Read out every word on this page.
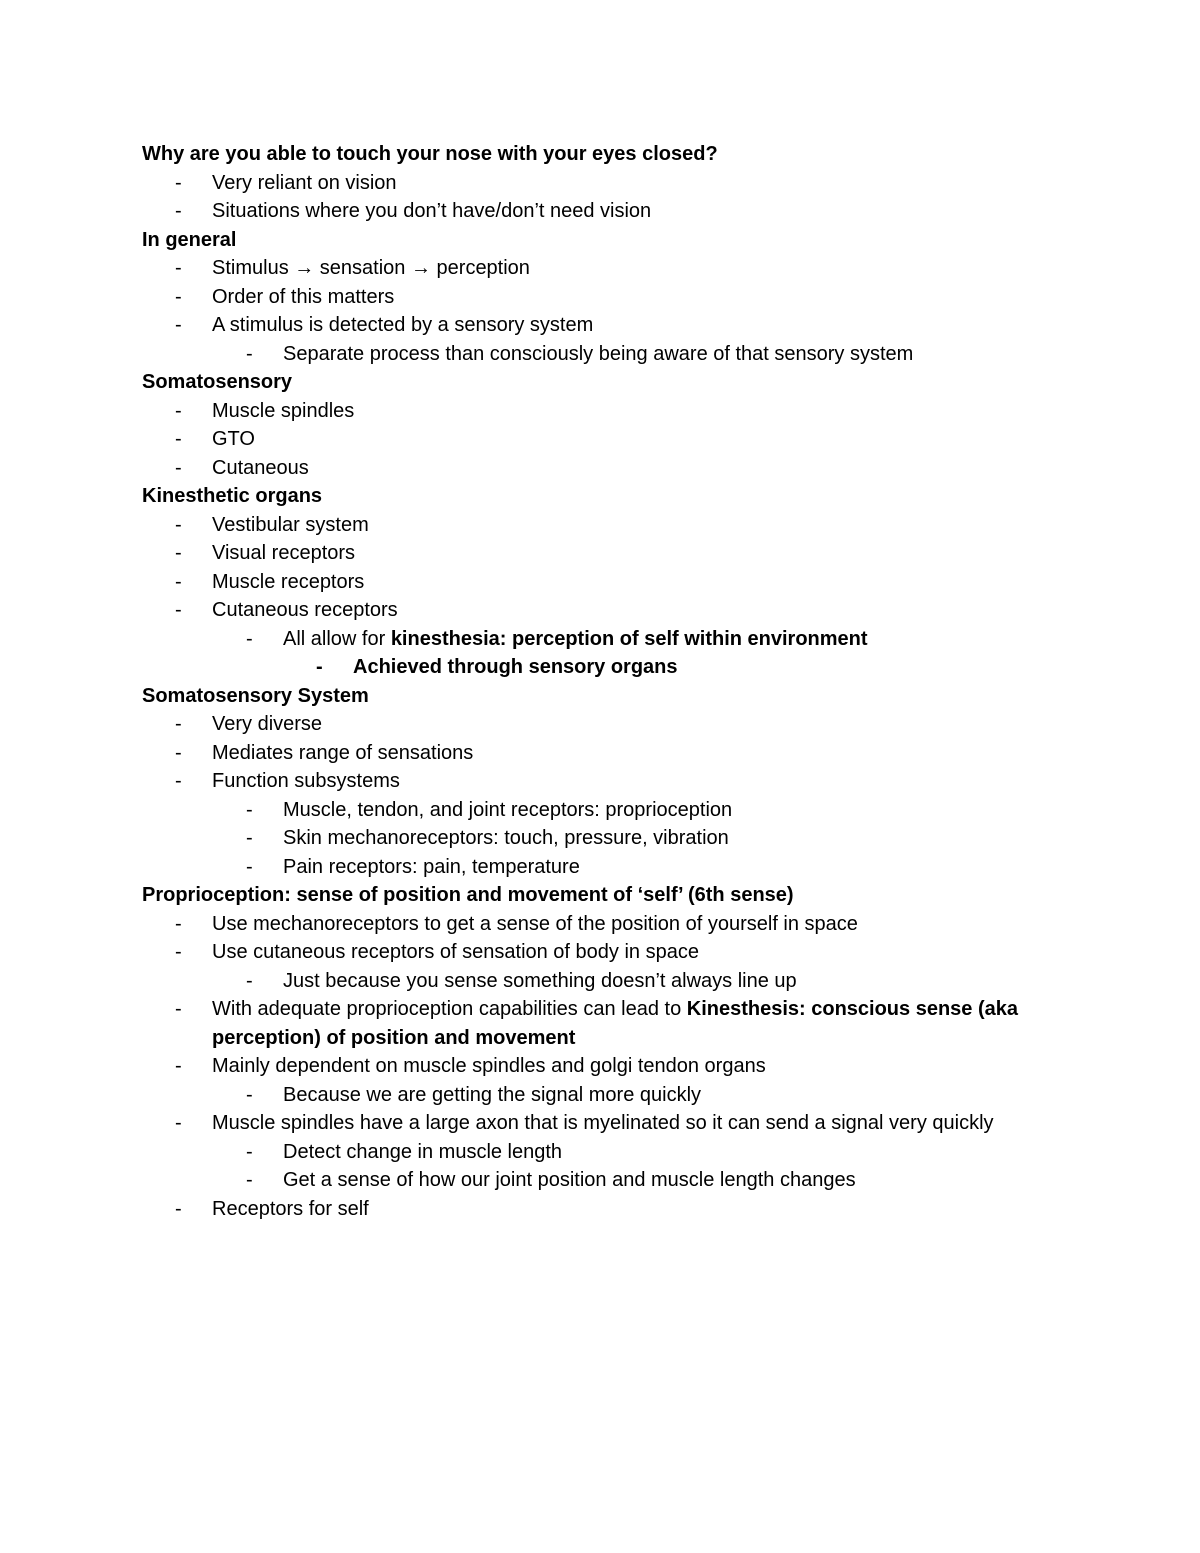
Why are you able to touch your nose with your eyes closed?
- Very reliant on vision
- Situations where you don’t have/don’t need vision
In general
- Stimulus → sensation → perception
- Order of this matters
- A stimulus is detected by a sensory system
- Separate process than consciously being aware of that sensory system
Somatosensory
- Muscle spindles
- GTO
- Cutaneous
Kinesthetic organs
- Vestibular system
- Visual receptors
- Muscle receptors
- Cutaneous receptors
- All allow for kinesthesia: perception of self within environment
- Achieved through sensory organs
Somatosensory System
- Very diverse
- Mediates range of sensations
- Function subsystems
- Muscle, tendon, and joint receptors: proprioception
- Skin mechanoreceptors: touch, pressure, vibration
- Pain receptors: pain, temperature
Proprioception: sense of position and movement of ‘self’ (6th sense)
- Use mechanoreceptors to get a sense of the position of yourself in space
- Use cutaneous receptors of sensation of body in space
- Just because you sense something doesn’t always line up
- With adequate proprioception capabilities can lead to Kinesthesis: conscious sense (aka perception) of position and movement
- Mainly dependent on muscle spindles and golgi tendon organs
- Because we are getting the signal more quickly
- Muscle spindles have a large axon that is myelinated so it can send a signal very quickly
- Detect change in muscle length
- Get a sense of how our joint position and muscle length changes
- Receptors for self
